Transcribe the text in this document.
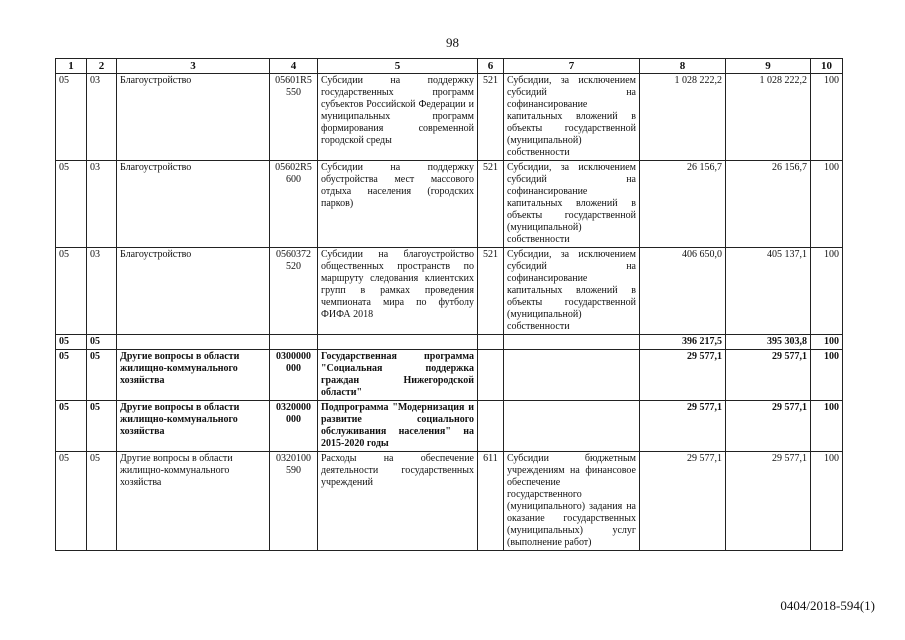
98
1	2	3	4	5	6	7	8	9	10
05	03	Благоустройство	05601R5 550	Субсидии на поддержку государственных программ субъектов Российской Федерации и муниципальных программ формирования современной городской среды	521	Субсидии, за исключением субсидий на софинансирование капитальных вложений в объекты государственной (муниципальной) собственности	1 028 222,2	1 028 222,2	100
05	03	Благоустройство	05602R5 600	Субсидии на поддержку обустройства мест массового отдыха населения (городских парков)	521	Субсидии, за исключением субсидий на софинансирование капитальных вложений в объекты государственной (муниципальной) собственности	26 156,7	26 156,7	100
05	03	Благоустройство	0560372 520	Субсидии на благоустройство общественных пространств по маршруту следования клиентских групп в рамках проведения чемпионата мира по футболу ФИФА 2018	521	Субсидии, за исключением субсидий на софинансирование капитальных вложений в объекты государственной (муниципальной) собственности	406 650,0	405 137,1	100
05	05						396 217,5	395 303,8	100
05	05	Другие вопросы в области жилищно-коммунального хозяйства	0300000 000	Государственная программа "Социальная поддержка граждан Нижегородской области"			29 577,1	29 577,1	100
05	05	Другие вопросы в области жилищно-коммунального хозяйства	0320000 000	Подпрограмма "Модернизация и развитие социального обслуживания населения" на 2015-2020 годы			29 577,1	29 577,1	100
05	05	Другие вопросы в области жилищно-коммунального хозяйства	0320100 590	Расходы на обеспечение деятельности государственных учреждений	611	Субсидии бюджетным учреждениям на финансовое обеспечение государственного (муниципального) задания на оказание государственных (муниципальных) услуг (выполнение работ)	29 577,1	29 577,1	100
0404/2018-594(1)
